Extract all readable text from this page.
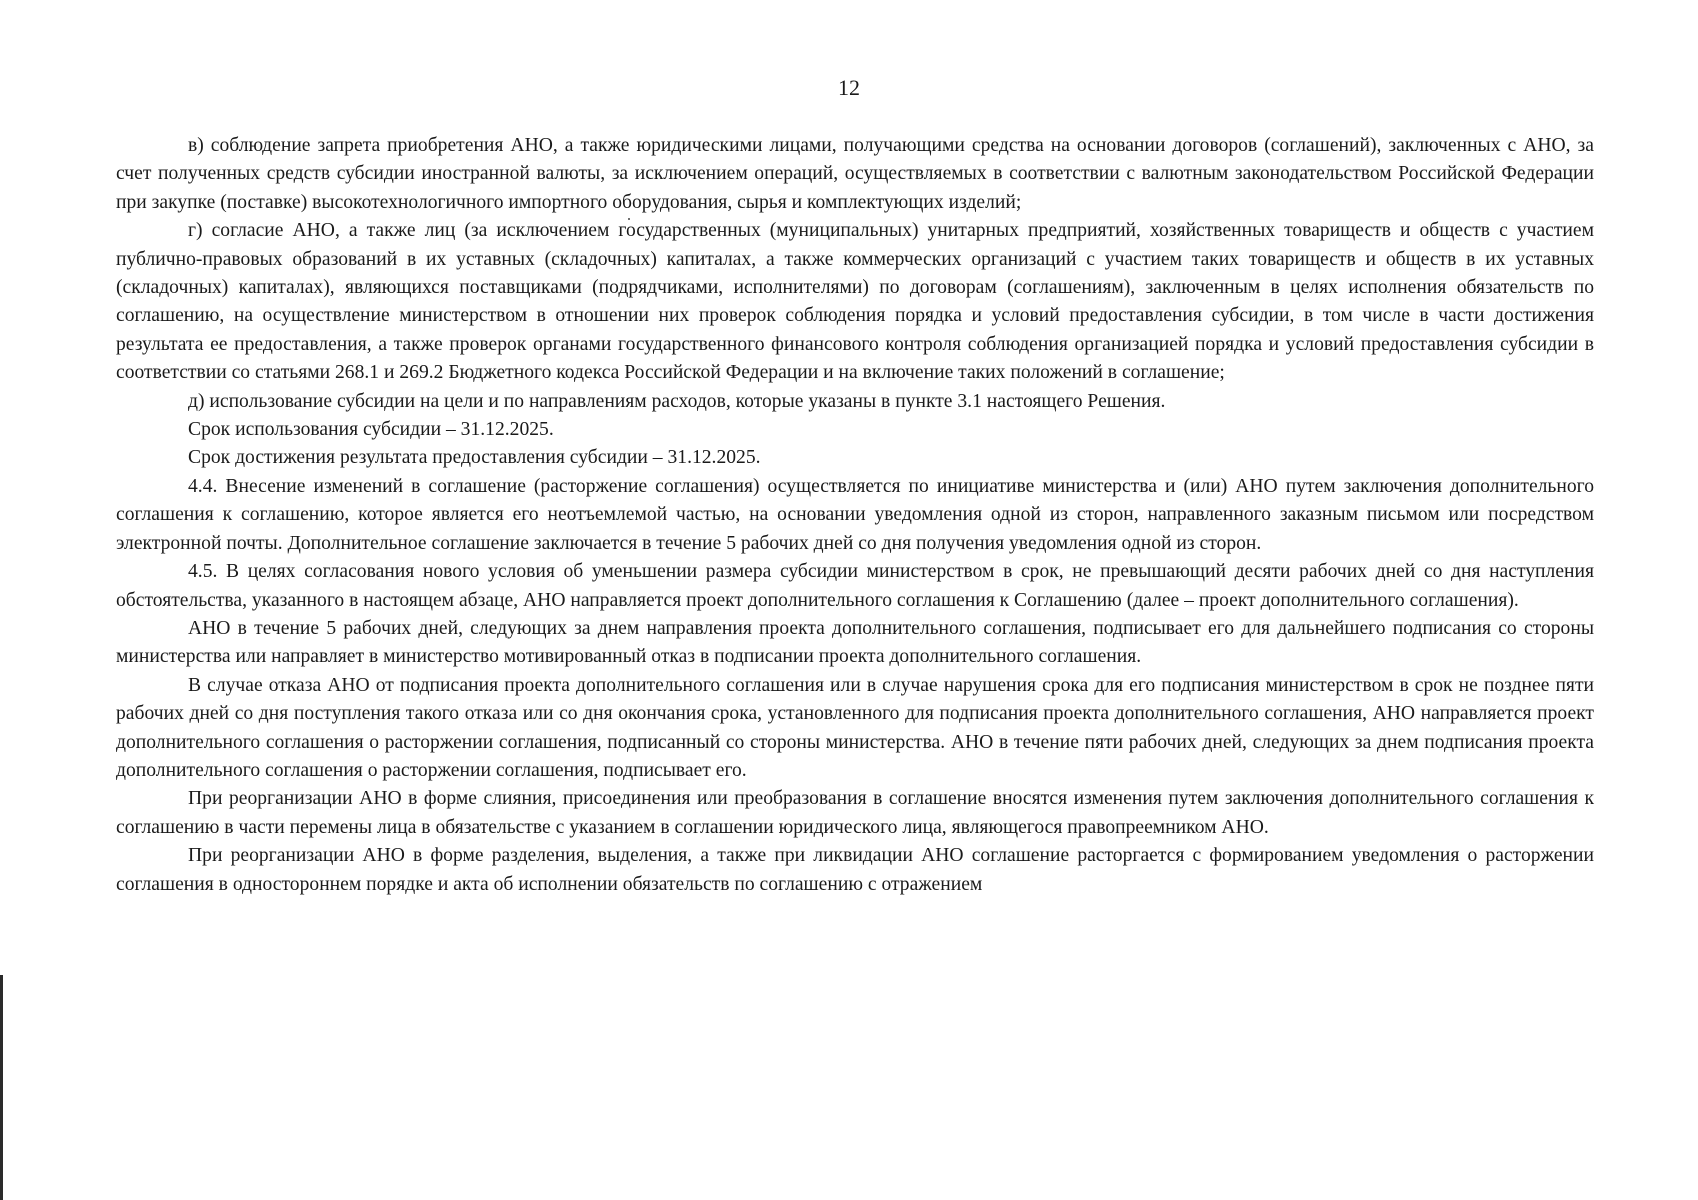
12

в) соблюдение запрета приобретения АНО, а также юридическими лицами, получающими средства на основании договоров (соглашений), заключенных с АНО, за счет полученных средств субсидии иностранной валюты, за исключением операций, осуществляемых в соответствии с валютным законодательством Российской Федерации при закупке (поставке) высокотехнологичного импортного оборудования, сырья и комплектующих изделий;

г) согласие АНО, а также лиц (за исключением государственных (муниципальных) унитарных предприятий, хозяйственных товариществ и обществ с участием публично-правовых образований в их уставных (складочных) капиталах, а также коммерческих организаций с участием таких товариществ и обществ в их уставных (складочных) капиталах), являющихся поставщиками (подрядчиками, исполнителями) по договорам (соглашениям), заключенным в целях исполнения обязательств по соглашению, на осуществление министерством в отношении них проверок соблюдения порядка и условий предоставления субсидии, в том числе в части достижения результата ее предоставления, а также проверок органами государственного финансового контроля соблюдения организацией порядка и условий предоставления субсидии в соответствии со статьями 268.1 и 269.2 Бюджетного кодекса Российской Федерации и на включение таких положений в соглашение;

д) использование субсидии на цели и по направлениям расходов, которые указаны в пункте 3.1 настоящего Решения.

Срок использования субсидии – 31.12.2025.

Срок достижения результата предоставления субсидии – 31.12.2025.

4.4. Внесение изменений в соглашение (расторжение соглашения) осуществляется по инициативе министерства и (или) АНО путем заключения дополнительного соглашения к соглашению, которое является его неотъемлемой частью, на основании уведомления одной из сторон, направленного заказным письмом или посредством электронной почты. Дополнительное соглашение заключается в течение 5 рабочих дней со дня получения уведомления одной из сторон.

4.5. В целях согласования нового условия об уменьшении размера субсидии министерством в срок, не превышающий десяти рабочих дней со дня наступления обстоятельства, указанного в настоящем абзаце, АНО направляется проект дополнительного соглашения к Соглашению (далее – проект дополнительного соглашения).

АНО в течение 5 рабочих дней, следующих за днем направления проекта дополнительного соглашения, подписывает его для дальнейшего подписания со стороны министерства или направляет в министерство мотивированный отказ в подписании проекта дополнительного соглашения.

В случае отказа АНО от подписания проекта дополнительного соглашения или в случае нарушения срока для его подписания министерством в срок не позднее пяти рабочих дней со дня поступления такого отказа или со дня окончания срока, установленного для подписания проекта дополнительного соглашения, АНО направляется проект дополнительного соглашения о расторжении соглашения, подписанный со стороны министерства. АНО в течение пяти рабочих дней, следующих за днем подписания проекта дополнительного соглашения о расторжении соглашения, подписывает его.

При реорганизации АНО в форме слияния, присоединения или преобразования в соглашение вносятся изменения путем заключения дополнительного соглашения к соглашению в части перемены лица в обязательстве с указанием в соглашении юридического лица, являющегося правопреемником АНО.

При реорганизации АНО в форме разделения, выделения, а также при ликвидации АНО соглашение расторгается с формированием уведомления о расторжении соглашения в одностороннем порядке и акта об исполнении обязательств по соглашению с отражением
